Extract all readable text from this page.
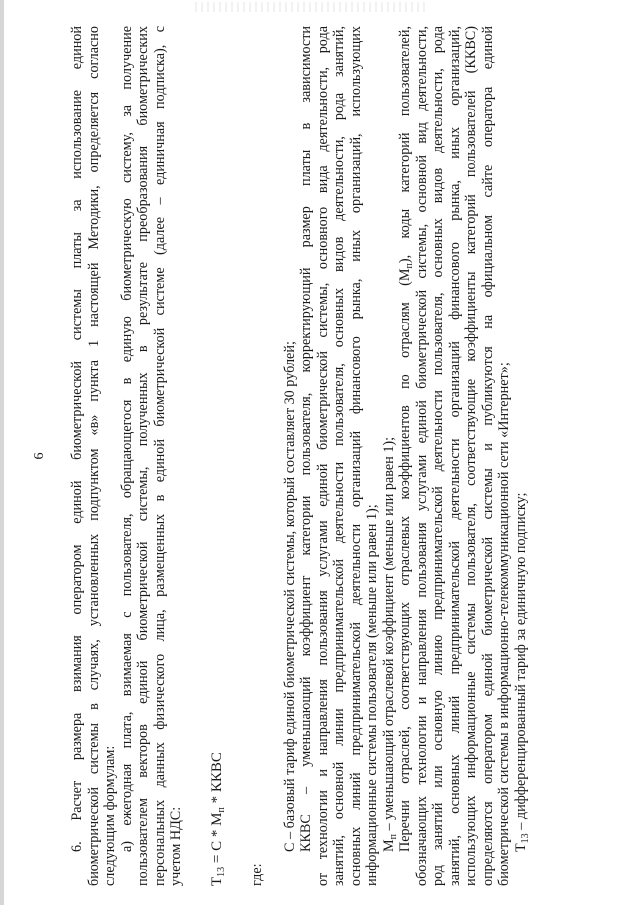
6 6. Расчет размера взимания оператором единой биометрической системы платы за использование единой биометрической системы в случаях, установленных подпунктом «в» пункта 1 настоящей Методики, определяется согласно следующим формулам: а) ежегодная плата, взимаемая с пользователя, обращающегося в единую биометрическую систему, за получение пользователем векторов единой биометрической системы, полученных в результате преобразования биометрических персональных данных физического лица, размещенных в единой биометрической системе (далее – единичная подписка), с учетом НДС: $T_{13} = С * M_п$ * ККВС
где:
С – базовый тариф единой биометрической системы, который составляет 30 рублей; ККВС – уменьшающий коэффициент категории пользователя, корректирующий размер платы в зависимости от технологии и направления пользования услугами единой биометрической системы, основного вида деятельности, рода занятий, основной линии предпринимательской деятельности пользователя, основных видов деятельности, рода занятий, основных линий предпринимательской деятельности организаций финансового рынка, иных организаций, использующих информационные системы пользователя (меньше или равен 1); $M_п$ – уменьшающий отраслевой коэффициент (меньше или равен 1); Перечни отраслей, соответствующих отраслевых коэффициентов по отраслям $(M_п)$, коды категорий пользователей, обозначающих технологии и направления пользования услугами единой биометрической системы, основной вид деятельности, род занятий или основную линию предпринимательской деятельности пользователя, основных видов деятельности, рода занятий, основных линий предпринимательской деятельности организаций финансового рынка, иных организаций, использующих информационные системы пользователя, соответствующие коэффициенты категорий пользователей (ККВС) определяются оператором единой биометрической системы и публикуются на официальном сайте оператора единой биометрической системы в информационно-телекоммуникационной сети «Интернет»; $T_{13}$ – дифференцированный тариф за единичную подписку;
